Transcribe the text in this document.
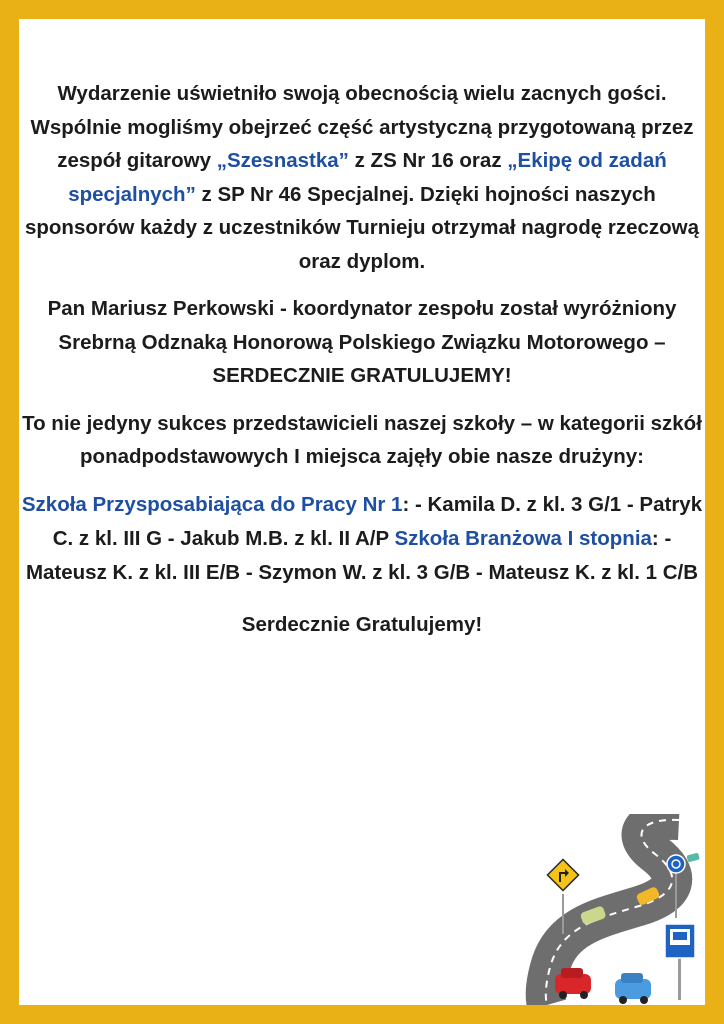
Wydarzenie uświetniło swoją obecnością wielu zacnych gości. Wspólnie mogliśmy obejrzeć część artystyczną przygotowaną przez zespół gitarowy „Szesnastka” z ZS Nr 16 oraz „Ekipę od zadań specjalnych” z SP Nr 46 Specjalnej. Dzięki hojności naszych sponsorów każdy z uczestników Turnieju otrzymał nagrodę rzeczową oraz dyplom.

Pan Mariusz Perkowski - koordynator zespołu został wyróżniony Srebrną Odznaką Honorową Polskiego Związku Motorowego – SERDECZNIE GRATULUJEMY!

To nie jedyny sukces przedstawicieli naszej szkoły – w kategorii szkół ponadpodstawowych I miejsca zajęły obie nasze drużyny:

Szkoła Przysposabiająca do Pracy Nr 1: - Kamila D. z kl. 3 G/1 - Patryk C. z kl. III G - Jakub M.B. z kl. II A/P Szkoła Branżowa I stopnia: - Mateusz K. z kl. III E/B - Szymon W. z kl. 3 G/B - Mateusz K. z kl. 1 C/B

Serdecznie Gratulujemy!
